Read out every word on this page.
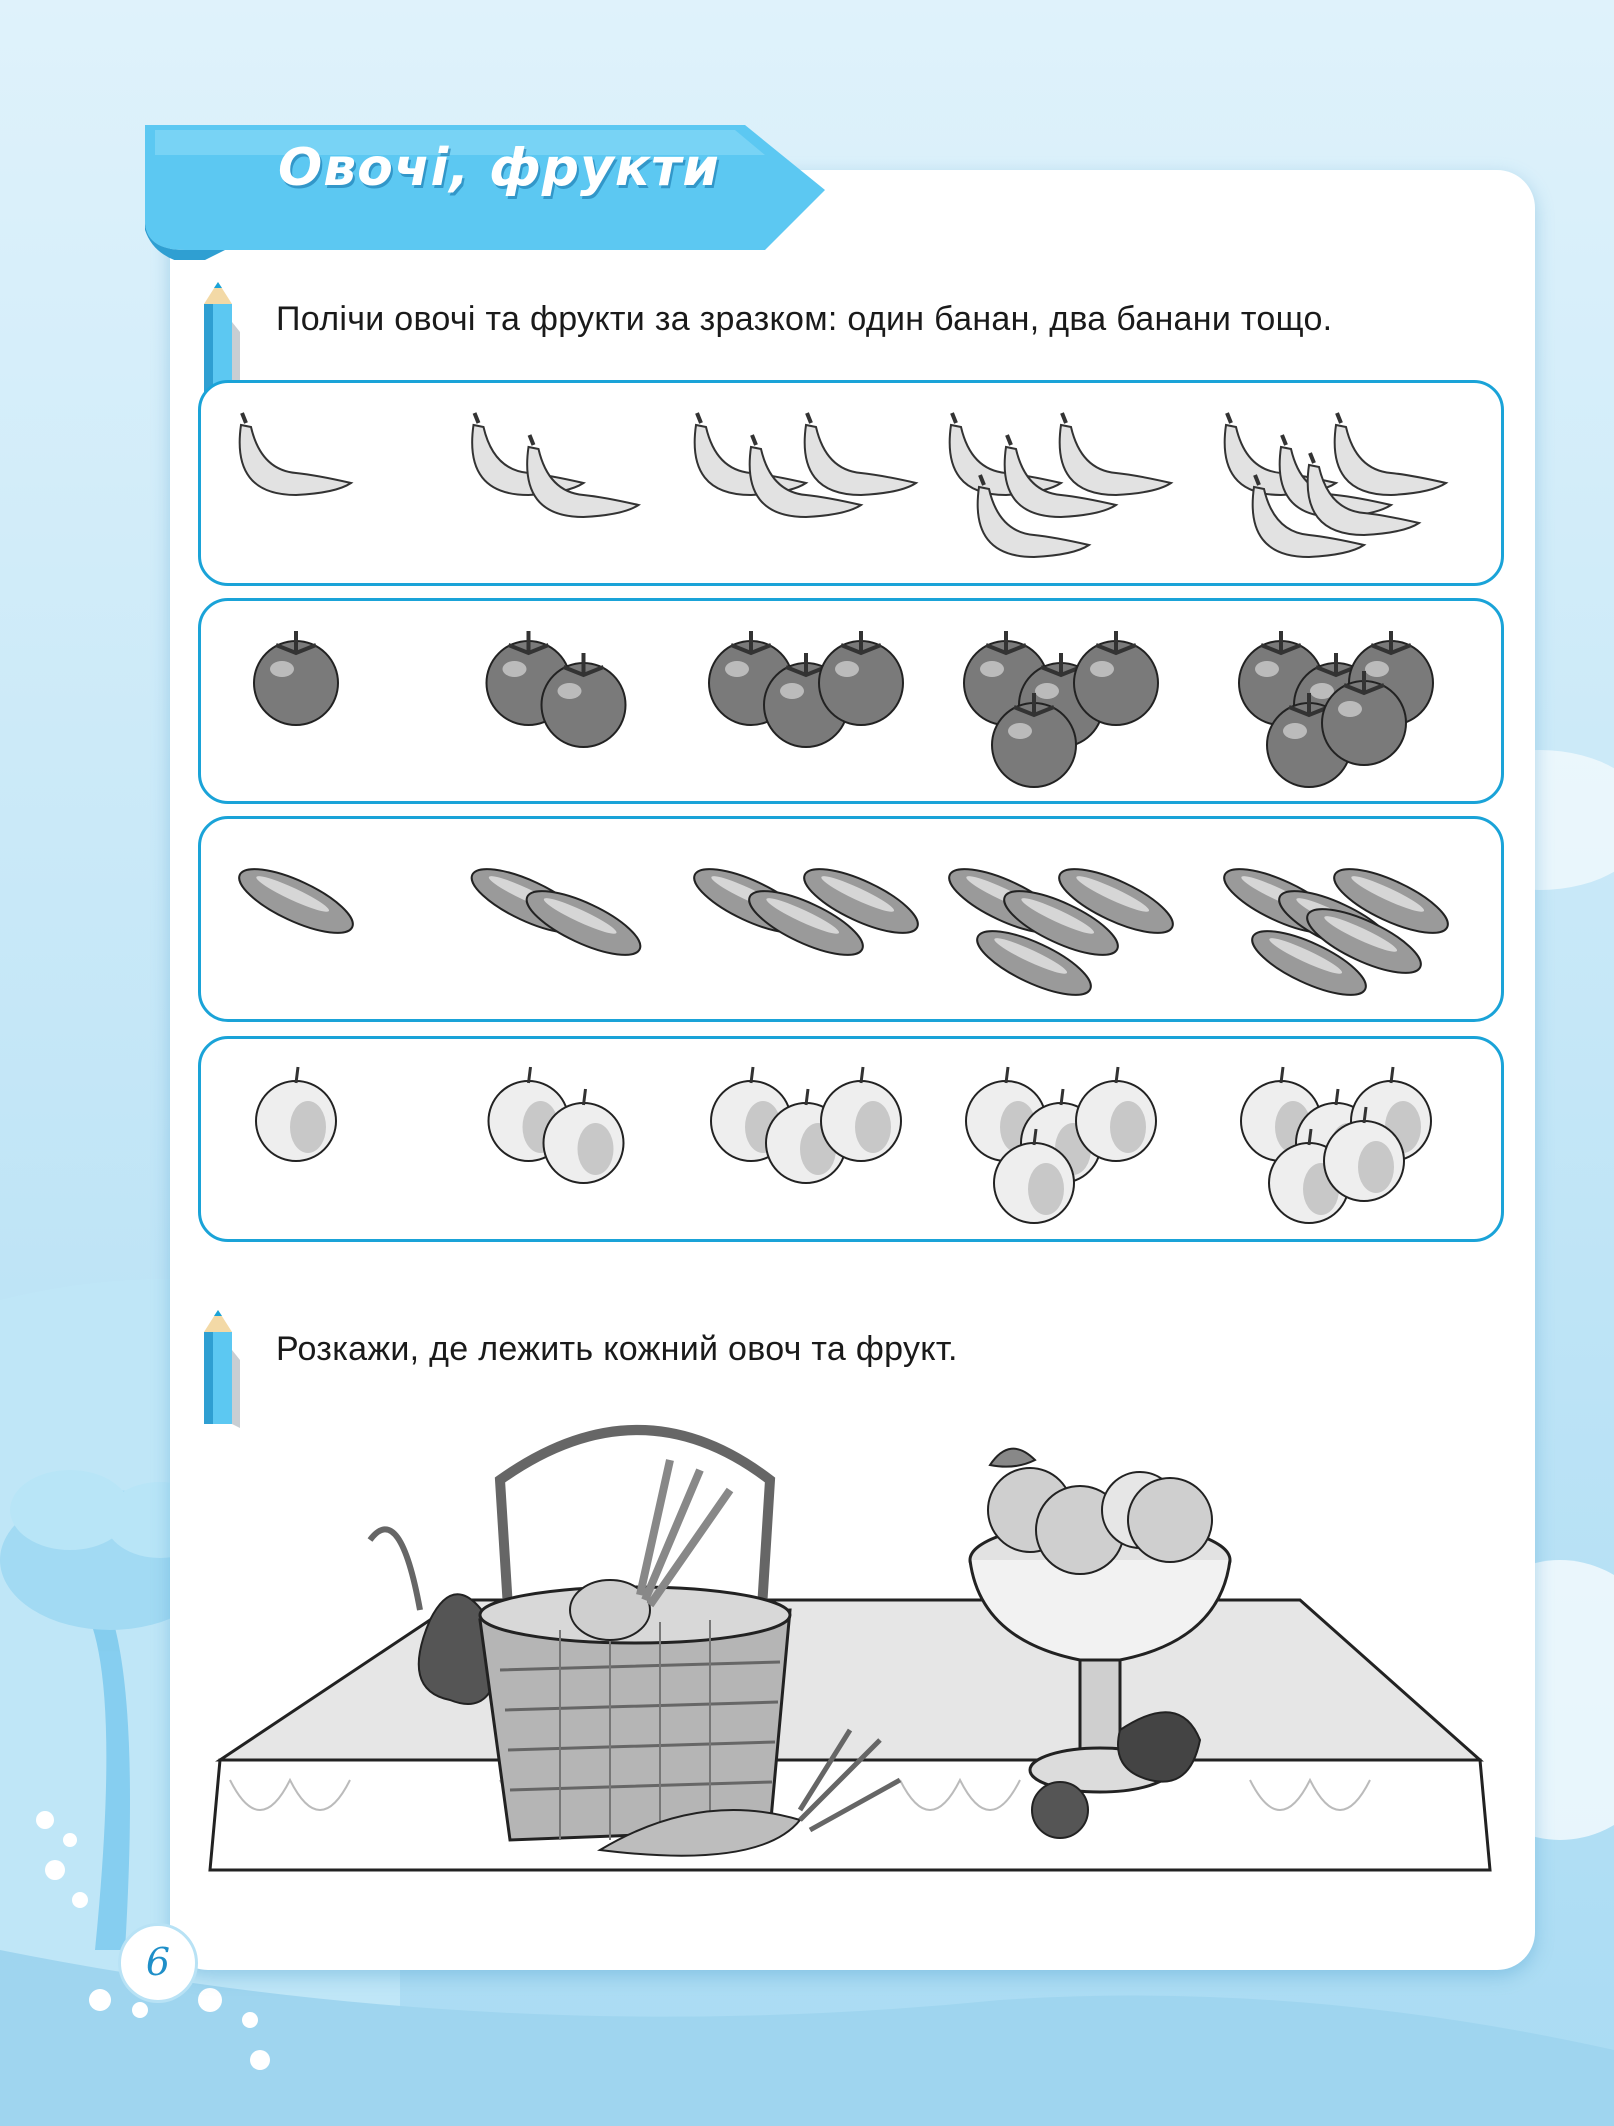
Овочі, фрукти
Полічи овочі та фрукти за зразком: один банан, два банани тощо.
Розкажи, де лежить кожний овоч та фрукт.
6
